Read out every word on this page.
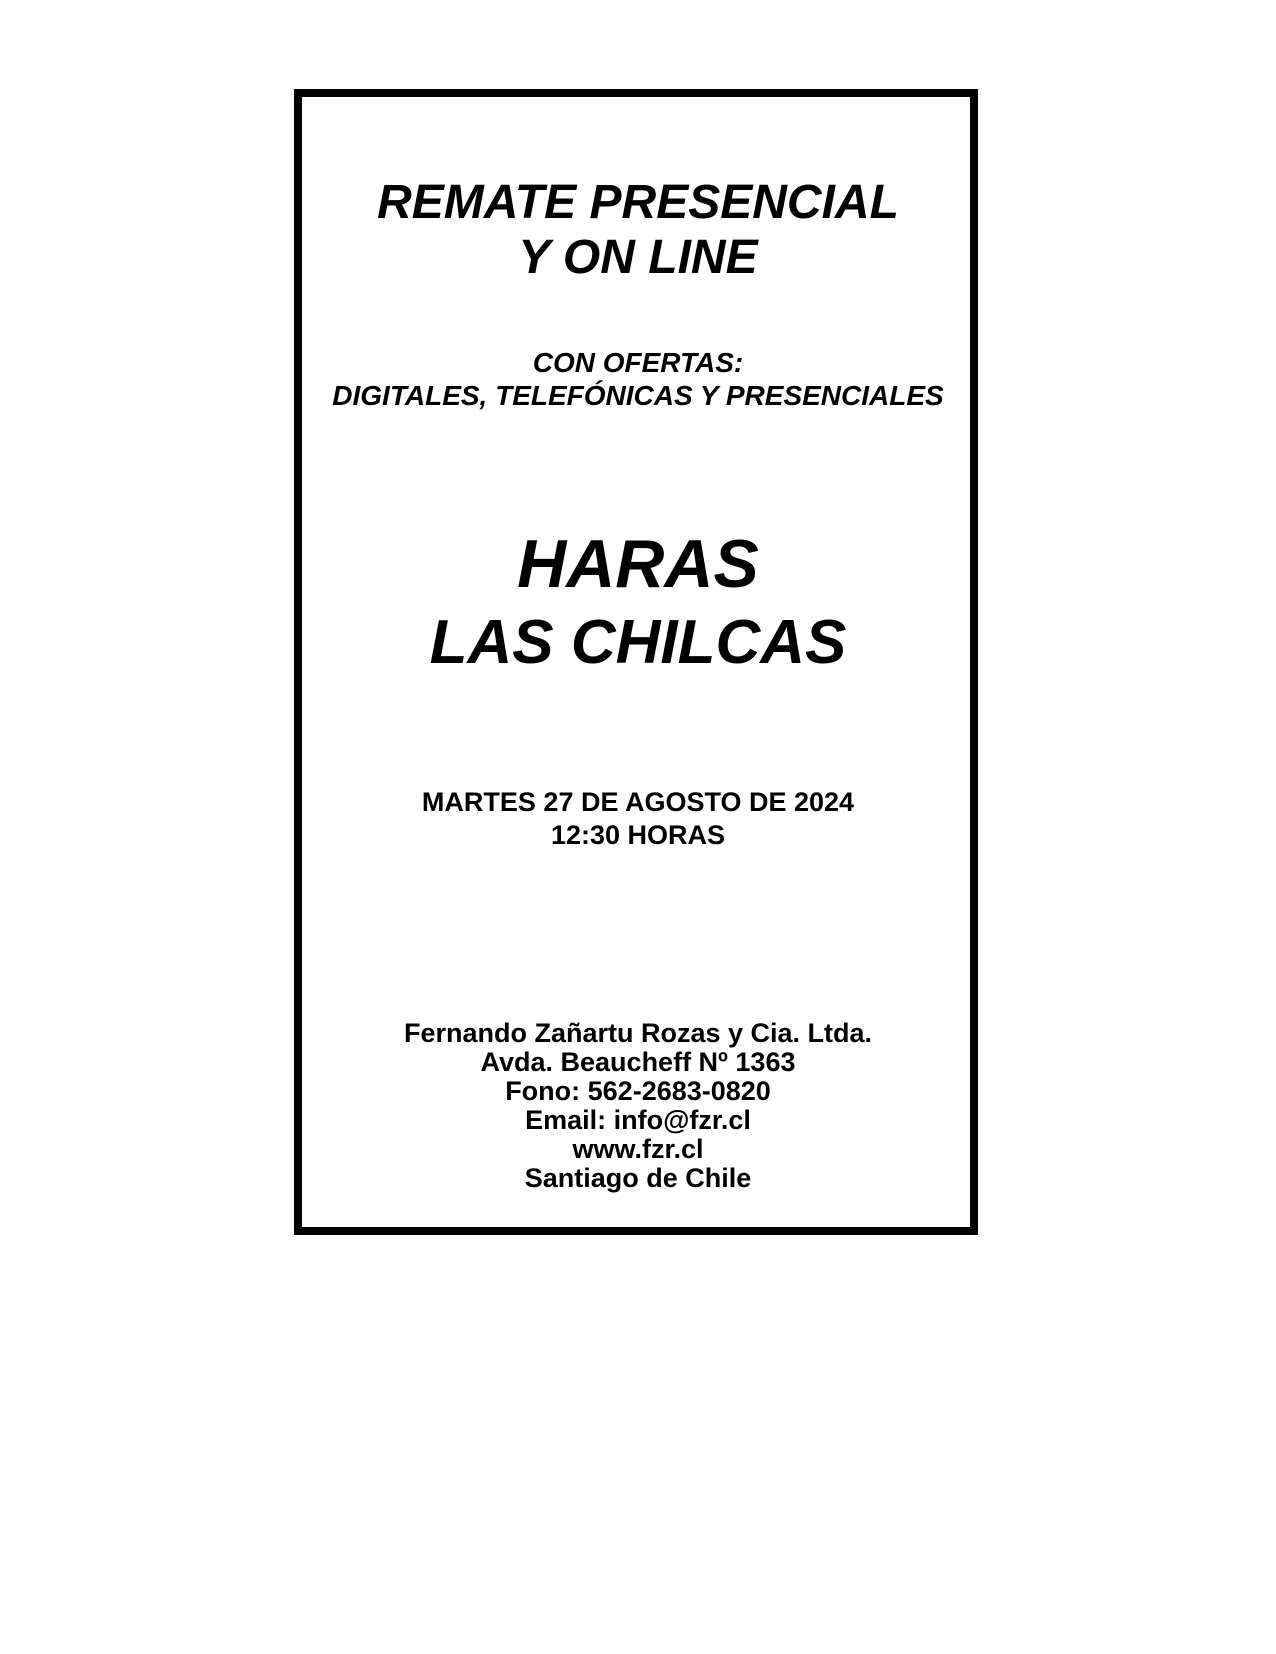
REMATE PRESENCIAL

Y ON LINE

CON OFERTAS:

DIGITALES, TELEFÓNICAS Y PRESENCIALES

HARAS

LAS CHILCAS

MARTES 27 DE AGOSTO DE 2024

12:30 HORAS

Fernando Zañartu Rozas y Cia. Ltda.

Avda. Beaucheff Nº 1363

Fono: 562-2683-0820

Email: info@fzr.cl

www.fzr.cl

Santiago de Chile
